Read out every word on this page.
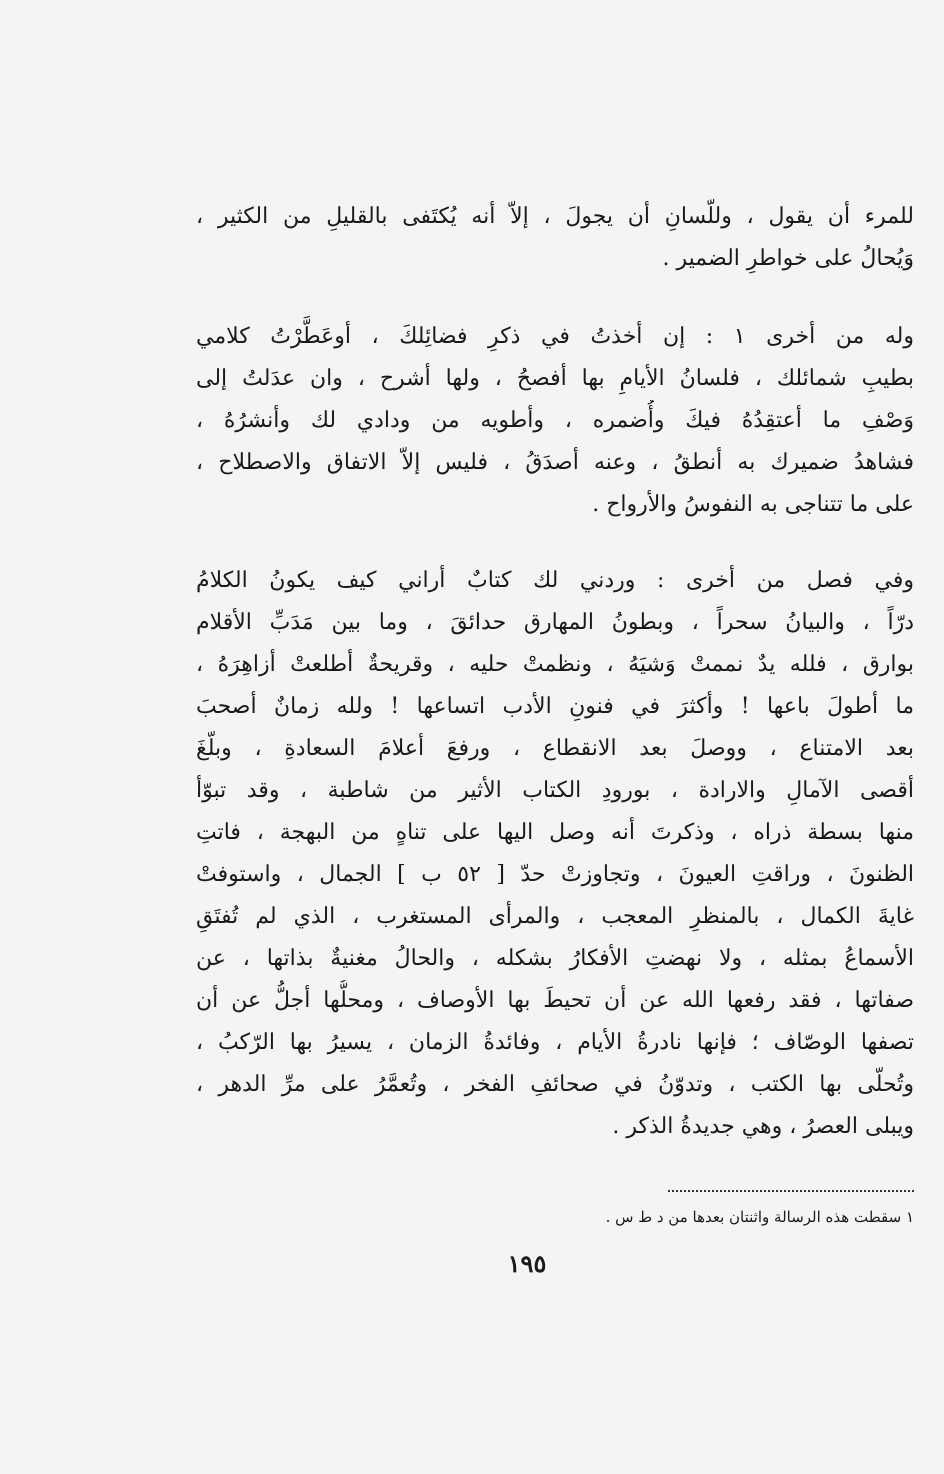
للمرء أن يقول ، وللّسانِ أن يجولَ ، إلاّ أنه يُكتَفى بالقليلِ من الكثير ،
وَيُحالُ على خواطرِ الضمير .
وله من أخرى ١ : إن أخذتُ في ذكرِ فضائِلكَ ، أوعَطَّرْتُ كلامي
بطيبِ شمائلك ، فلسانُ الأيامِ بها أفصحُ ، ولها أشرح ، وان عدَلتُ إلى
وَصْفِ ما أعتقِدُهُ فيكَ وأُضمره ، وأطويه من ودادي لك وأنشرُهُ ،
فشاهدُ ضميرك به أنطقُ ، وعنه أصدَقُ ، فليس إلاّ الاتفاق والاصطلاح ،
على ما تتناجى به النفوسُ والأرواح .
وفي فصل من أخرى : وردني لك كتابٌ أراني كيف يكونُ الكلامُ
درّاً ، والبيانُ سحراً ، وبطونُ المهارق حدائقَ ، وما بين مَدَبِّ الأقلام
بوارق ، فلله يدٌ نممتْ وَشيَهُ ، ونظمتْ حليه ، وقريحةٌ أطلعتْ أزاهِرَهُ ،
ما أطولَ باعها ! وأكثرَ في فنونِ الأدب اتساعها ! ولله زمانٌ أصحبَ
بعد الامتناع ، ووصلَ بعد الانقطاع ، ورفعَ أعلامَ السعادةِ ، وبلّغَ
أقصى الآمالِ والارادة ، بورودِ الكتاب الأثير من شاطبة ، وقد تبوّأ
منها بسطة ذراه ، وذكرتَ أنه وصل اليها على تناهٍ من البهجة ، فاتتِ
الظنونَ ، وراقتِ العيونَ ، وتجاوزتْ حدّ [ ٥٢ ب ] الجمال ، واستوفتْ
غايةَ الكمال ، بالمنظرِ المعجب ، والمرأى المستغرب ، الذي لم تُفتَقِ
الأسماعُ بمثله ، ولا نهضتِ الأفكارُ بشكله ، والحالُ مغنيةٌ بذاتها ، عن
صفاتها ، فقد رفعها الله عن أن تحيطَ بها الأوصاف ، ومحلُّها أجلُّ عن أن
تصفها الوصّاف ؛ فإنها نادرةُ الأيام ، وفائدةُ الزمان ، يسيرُ بها الرّكبُ ،
وتُحلّى بها الكتب ، وتدوّنُ في صحائفِ الفخر ، وتُعمَّرُ على مرِّ الدهر ،
ويبلى العصرُ ، وهي جديدةُ الذكر .
١ سقطت هذه الرسالة واثنتان بعدها من د ط س .
١٩٥
